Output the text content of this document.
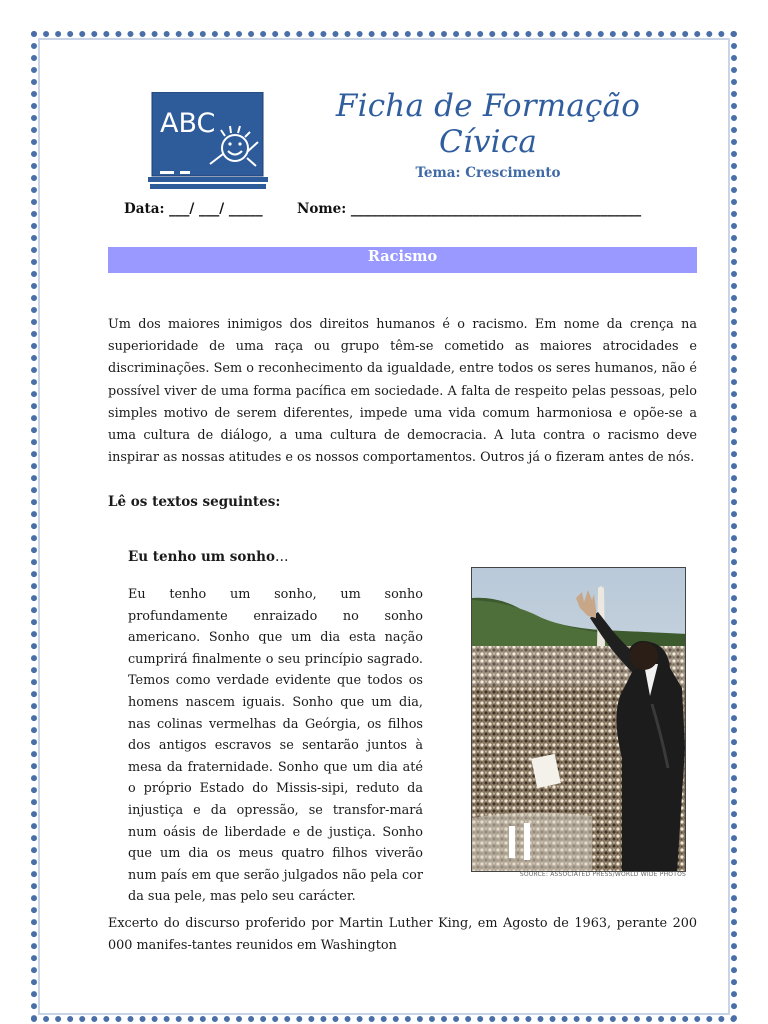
ABC	Ficha de Formação Cívica
Tema: Crescimento
Data: ___/ ___/ _____	Nome: ___________________________________________
Racismo

Um dos maiores inimigos dos direitos humanos é o racismo. Em nome da crença na superioridade de uma raça ou grupo têm-se cometido as maiores atrocidades e discriminações. Sem o reconhecimento da igualdade, entre todos os seres humanos, não é possível viver de uma forma pacífica em sociedade. A falta de respeito pelas pessoas, pelo simples motivo de serem diferentes, impede uma vida comum harmoniosa e opõe-se a uma cultura de diálogo, a uma cultura de democracia. A luta contra o racismo deve inspirar as nossas atitudes e os nossos comportamentos. Outros já o fizeram antes de nós.

Lê os textos seguintes:
Eu tenho um sonho…

Eu tenho um sonho, um sonho profundamente enraizado no sonho americano. Sonho que um dia esta nação cumprirá finalmente o seu princípio sagrado. Temos como verdade evidente que todos os homens nascem iguais. Sonho que um dia, nas colinas vermelhas da Geórgia, os filhos dos antigos escravos se sentarão juntos à mesa da fraternidade. Sonho que um dia até o próprio Estado do Missis-sipi, reduto da injustiça e da opressão, se transfor-mará num oásis de liberdade e de justiça. Sonho que um dia os meus quatro filhos viverão num país em que serão julgados não pela cor da sua pele, mas pelo seu carácter.

SOURCE: ASSOCIATED PRESS/WORLD WIDE PHOTOS

Excerto do discurso proferido por Martin Luther King, em Agosto de 1963, perante 200 000 manifes-tantes reunidos em Washington
